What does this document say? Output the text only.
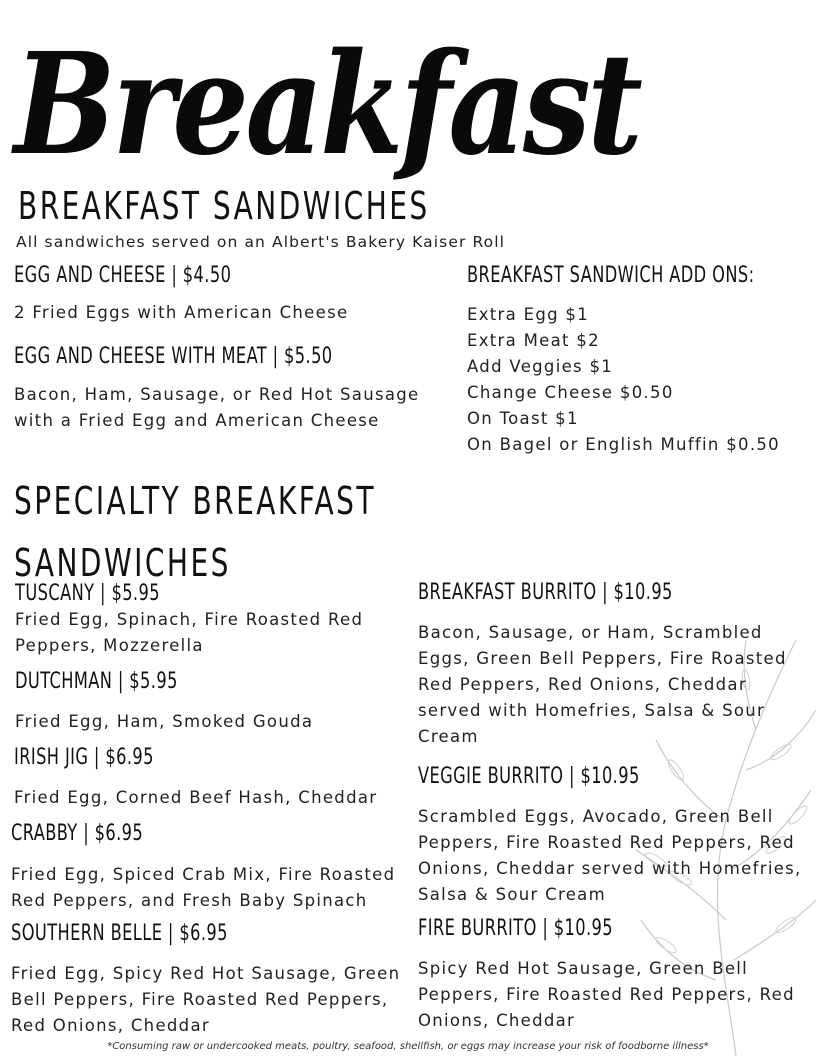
Breakfast
BREAKFAST SANDWICHES
All sandwiches served on an Albert's Bakery Kaiser Roll
EGG AND CHEESE | $4.50
2 Fried Eggs with American Cheese
EGG AND CHEESE WITH MEAT | $5.50
Bacon, Ham, Sausage, or Red Hot Sausage with a Fried Egg and American Cheese
BREAKFAST SANDWICH ADD ONS:
Extra Egg $1
Extra Meat $2
Add Veggies $1
Change Cheese $0.50
On Toast $1
On Bagel or English Muffin $0.50
SPECIALTY BREAKFAST SANDWICHES
TUSCANY | $5.95
Fried Egg, Spinach, Fire Roasted Red Peppers, Mozzerella
DUTCHMAN | $5.95
Fried Egg, Ham, Smoked Gouda
IRISH JIG | $6.95
Fried Egg, Corned Beef Hash, Cheddar
CRABBY | $6.95
Fried Egg, Spiced Crab Mix, Fire Roasted Red Peppers, and Fresh Baby Spinach
SOUTHERN BELLE | $6.95
Fried Egg, Spicy Red Hot Sausage, Green Bell Peppers, Fire Roasted Red Peppers, Red Onions, Cheddar
BREAKFAST BURRITO | $10.95
Bacon, Sausage, or Ham, Scrambled Eggs, Green Bell Peppers, Fire Roasted Red Peppers, Red Onions, Cheddar served with Homefries, Salsa & Sour Cream
VEGGIE BURRITO | $10.95
Scrambled Eggs, Avocado, Green Bell Peppers, Fire Roasted Red Peppers, Red Onions, Cheddar served with Homefries, Salsa & Sour Cream
FIRE BURRITO | $10.95
Spicy Red Hot Sausage, Green Bell Peppers, Fire Roasted Red Peppers, Red Onions, Cheddar
*Consuming raw or undercooked meats, poultry, seafood, shellfish, or eggs may increase your risk of foodborne illness*
